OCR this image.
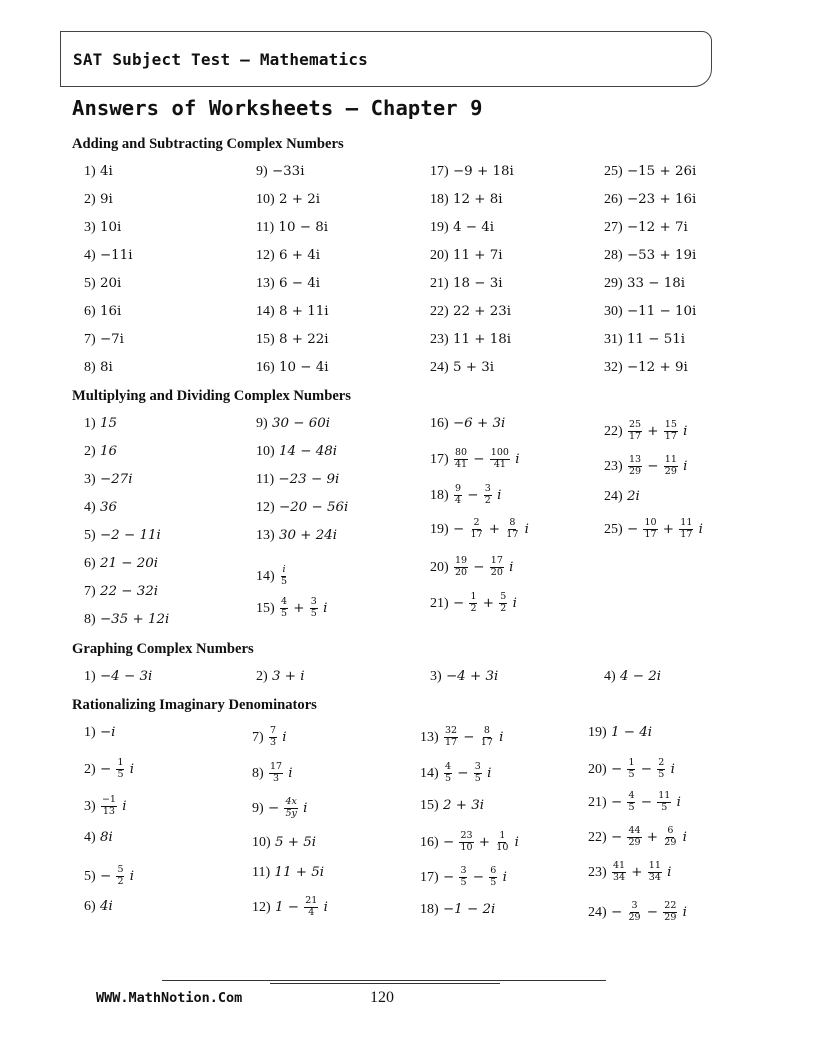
SAT Subject Test – Mathematics
Answers of Worksheets – Chapter 9
Adding and Subtracting Complex Numbers
Multiplying and Dividing Complex Numbers
Graphing Complex Numbers
Rationalizing Imaginary Denominators
1) 4i
2) 9i
3) 10i
4) −11i
5) 20i
6) 16i
7) −7i
8) 8i
9) −33i
10) 2 + 2i
11) 10 − 8i
12) 6 + 4i
13) 6 − 4i
14) 8 + 11i
15) 8 + 22i
16) 10 − 4i
17) −9 + 18i
18) 12 + 8i
19) 4 − 4i
20) 11 + 7i
21) 18 − 3i
22) 22 + 23i
23) 11 + 18i
24) 5 + 3i
25) −15 + 26i
26) −23 + 16i
27) −12 + 7i
28) −53 + 19i
29) 33 − 18i
30) −11 − 10i
31) 11 − 51i
32) −12 + 9i
1) 15
2) 16
3) −27i
4) 36
5) −2 − 11i
6) 21 − 20i
7) 22 − 32i
8) −35 + 12i
9) 30 − 60i
10) 14 − 48i
11) −23 − 9i
12) −20 − 56i
13) 30 + 24i
$14) \frac{i}{5}$
$15) \frac{4}{5} + \frac{3}{5}$ i
16) −6 + 3i
$17) \frac{80}{41} - \frac{100}{41}$ i
$18) \frac{9}{4} - \frac{3}{2}$ i
$19) - \frac{2}{17} + \frac{8}{17}$ i
$20) \frac{19}{20} - \frac{17}{20}$ i
$21) - \frac{1}{2} + \frac{5}{2}$ i
$22) \frac{25}{17} + \frac{15}{17}$ i
$23) \frac{13}{29} - \frac{11}{29}$ i
24) 2i
$25) - \frac{10}{17} + \frac{11}{17}$ i
1) −4 − 3i	2) 3 + i	3) −4 + 3i	4) 4 − 2i
1) −i
$2) - \frac{1}{5}$ i
$3) \frac{-1}{13}$ i
4) 8i
$5) - \frac{5}{2}$ i
6) 4i
$7) \frac{7}{3}$ i
$8) \frac{17}{3}$ i
$9) - \frac{4x}{5y}$ i
10) 5 + 5i
11) 11 + 5i
12) $1 - \frac{21}{4}$ i
$13) \frac{32}{17} - \frac{8}{17}$ i
$14) \frac{4}{5} - \frac{3}{5}$ i
15) 2 + 3i
$16) - \frac{23}{10} + \frac{1}{10}$ i
$17) - \frac{3}{5} - \frac{6}{5}$ i
18) −1 − 2i
19) 1 − 4i
$20) - \frac{1}{5} - \frac{2}{5}$ i
$21) - \frac{4}{5} - \frac{11}{5}$ i
$22) - \frac{44}{29} + \frac{6}{29}$ i
$23) \frac{41}{34} + \frac{11}{34}$ i
$24) - \frac{3}{29} - \frac{22}{29}$ i
WWW.MathNotion.Com	120
